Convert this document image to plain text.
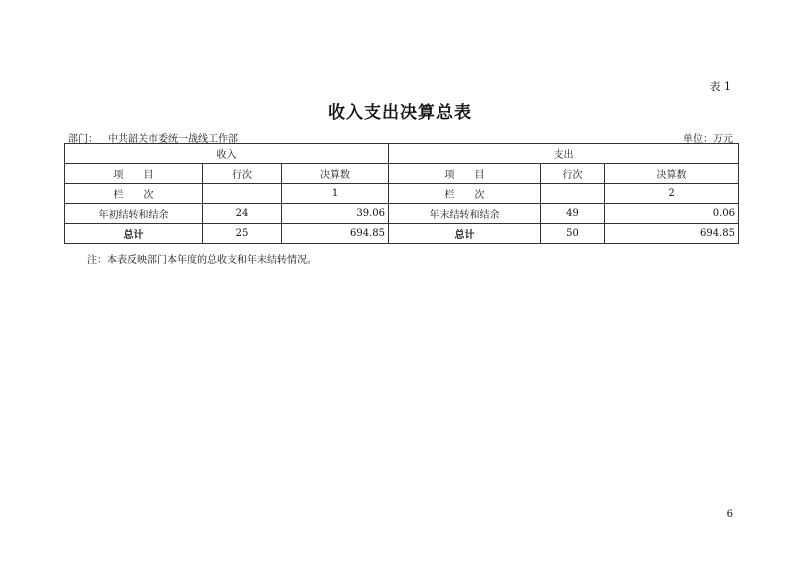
表 1
收入支出决算总表
部门： 中共韶关市委统一战线工作部	单位：万元
收入			支出		
项　　目	行次	决算数	项　　目	行次	决算数
栏　　次		1	栏　　次		2
年初结转和结余	24	39.06	年末结转和结余	49	0.06
总计	25	694.85	总计	50	694.85
注：本表反映部门本年度的总收支和年末结转情况。
6
